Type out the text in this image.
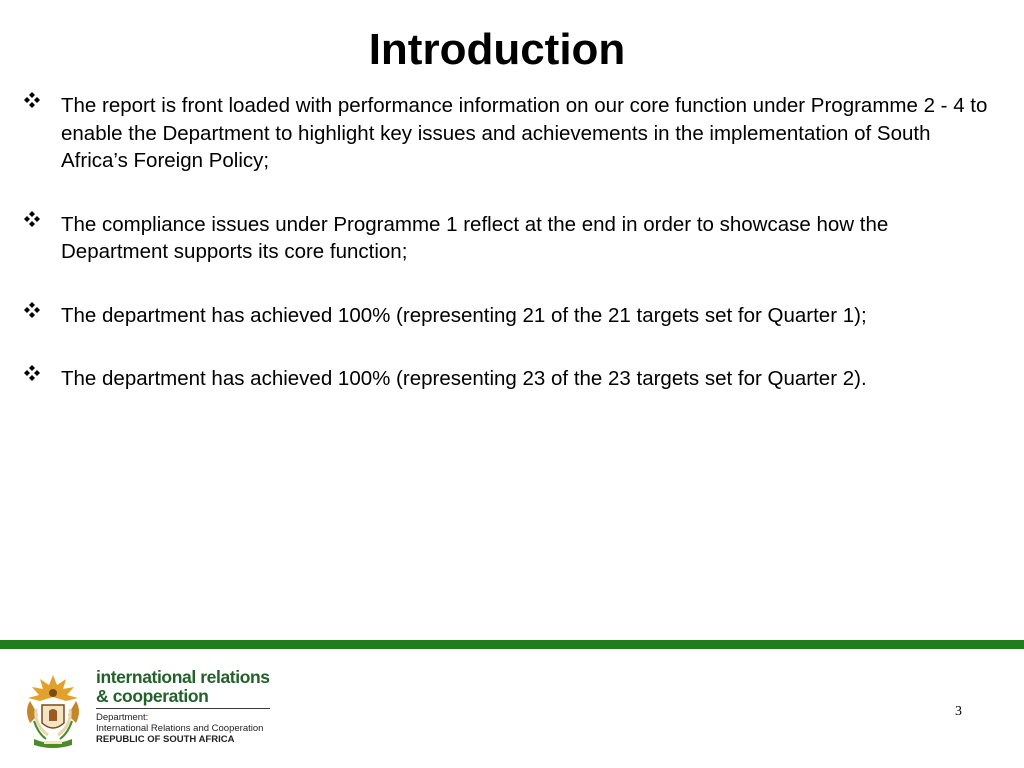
Introduction
The report is front loaded with performance information on our core function under Programme 2 - 4 to enable the Department to highlight key issues and achievements in the implementation of South Africa’s Foreign Policy;
The compliance issues under Programme 1 reflect at the end in order to showcase how the Department supports its core function;
The department has achieved 100% (representing 21 of the 21 targets set for Quarter 1);
The department has achieved 100% (representing 23 of the 23 targets set for Quarter 2).
international relations
& cooperation
Department:
International Relations and Cooperation
REPUBLIC OF SOUTH AFRICA
3
